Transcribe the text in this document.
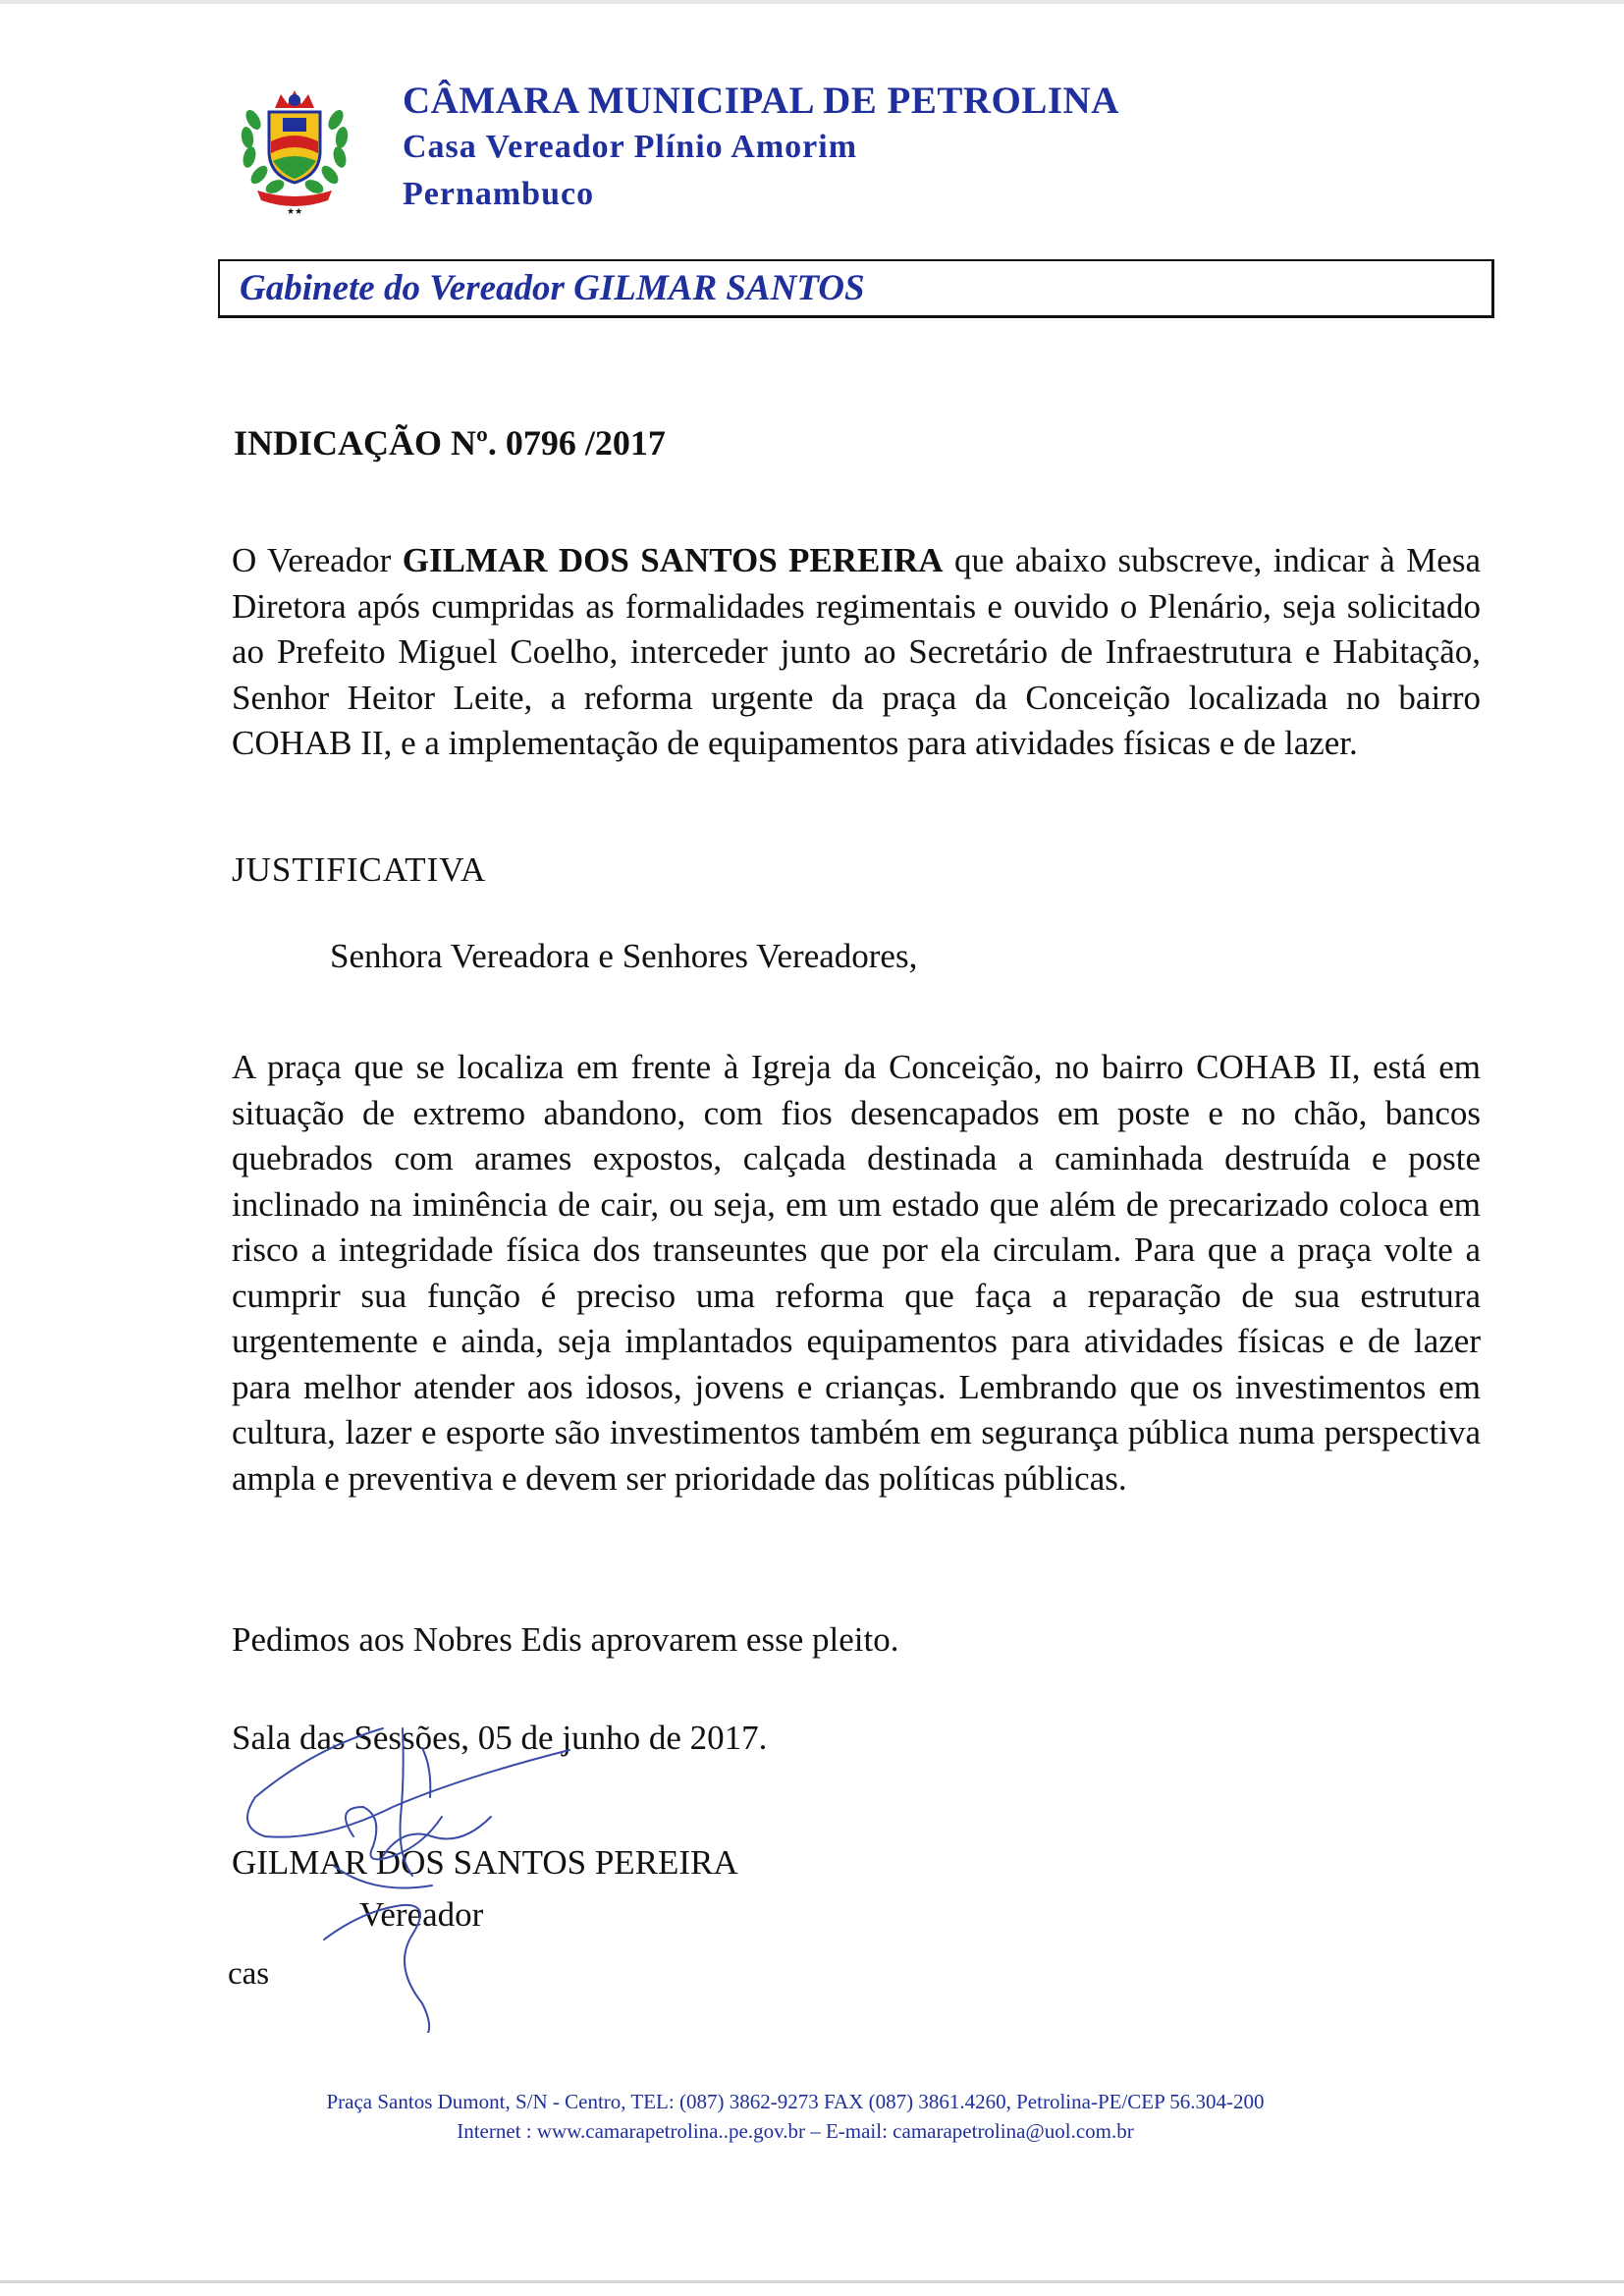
★★
CÂMARA MUNICIPAL DE PETROLINA
Casa Vereador Plínio Amorim
Pernambuco
Gabinete do Vereador GILMAR SANTOS
INDICAÇÃO Nº. 0796 /2017
O Vereador GILMAR DOS SANTOS PEREIRA que abaixo subscreve, indicar à Mesa Diretora após cumpridas as formalidades regimentais e ouvido o Plenário, seja solicitado ao Prefeito Miguel Coelho, interceder junto ao Secretário de Infraestrutura e Habitação, Senhor Heitor Leite, a reforma urgente da praça da Conceição localizada no bairro COHAB II, e a implementação de equipamentos para atividades físicas e de lazer.
JUSTIFICATIVA
Senhora Vereadora e Senhores Vereadores,
A praça que se localiza em frente à Igreja da Conceição, no bairro COHAB II, está em situação de extremo abandono, com fios desencapados em poste e no chão, bancos quebrados com arames expostos, calçada destinada a caminhada destruída e poste inclinado na iminência de cair, ou seja, em um estado que além de precarizado coloca em risco a integridade física dos transeuntes que por ela circulam. Para que a praça volte a cumprir sua função é preciso uma reforma que faça a reparação de sua estrutura urgentemente e ainda, seja implantados equipamentos para atividades físicas e de lazer para melhor atender aos idosos, jovens e crianças. Lembrando que os investimentos em cultura, lazer e esporte são investimentos também em segurança pública numa perspectiva ampla e preventiva e devem ser prioridade das políticas públicas.
Pedimos aos Nobres Edis aprovarem esse pleito.
Sala das Sessões, 05 de junho de 2017.
GILMAR DOS SANTOS PEREIRA
Vereador
cas
Praça Santos Dumont, S/N - Centro, TEL: (087) 3862-9273 FAX (087) 3861.4260, Petrolina-PE/CEP 56.304-200
Internet : www.camarapetrolina..pe.gov.br – E-mail: camarapetrolina@uol.com.br
